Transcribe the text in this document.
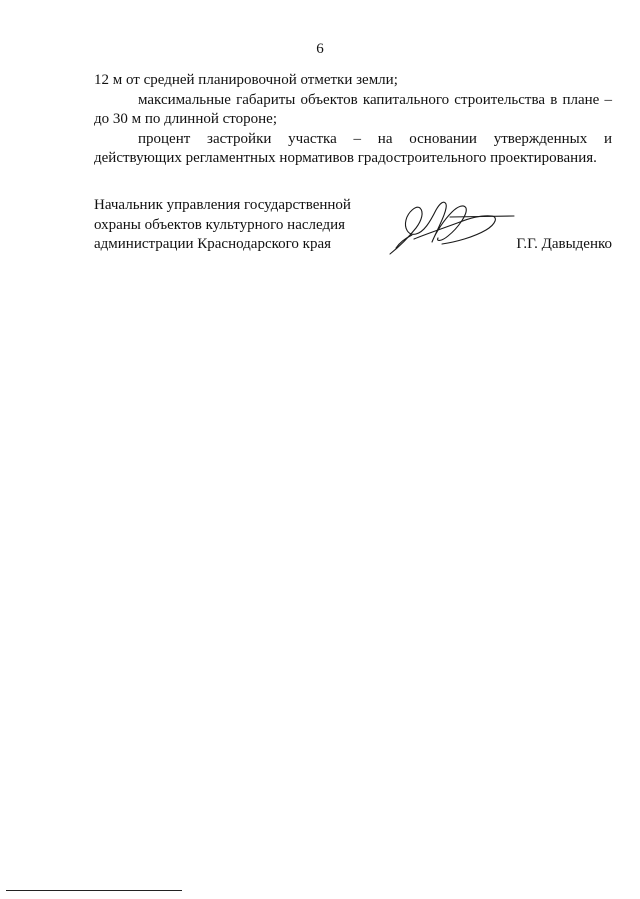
6

12 м от средней планировочной отметки земли;

максимальные габариты объектов капитального строительства в плане – до 30 м по длинной стороне;

процент застройки участка – на основании утвержденных и действующих регламентных нормативов градостроительного проектирования.

Начальник управления государственной
охраны объектов культурного наследия
администрации Краснодарского края	Г.Г. Давыденко
